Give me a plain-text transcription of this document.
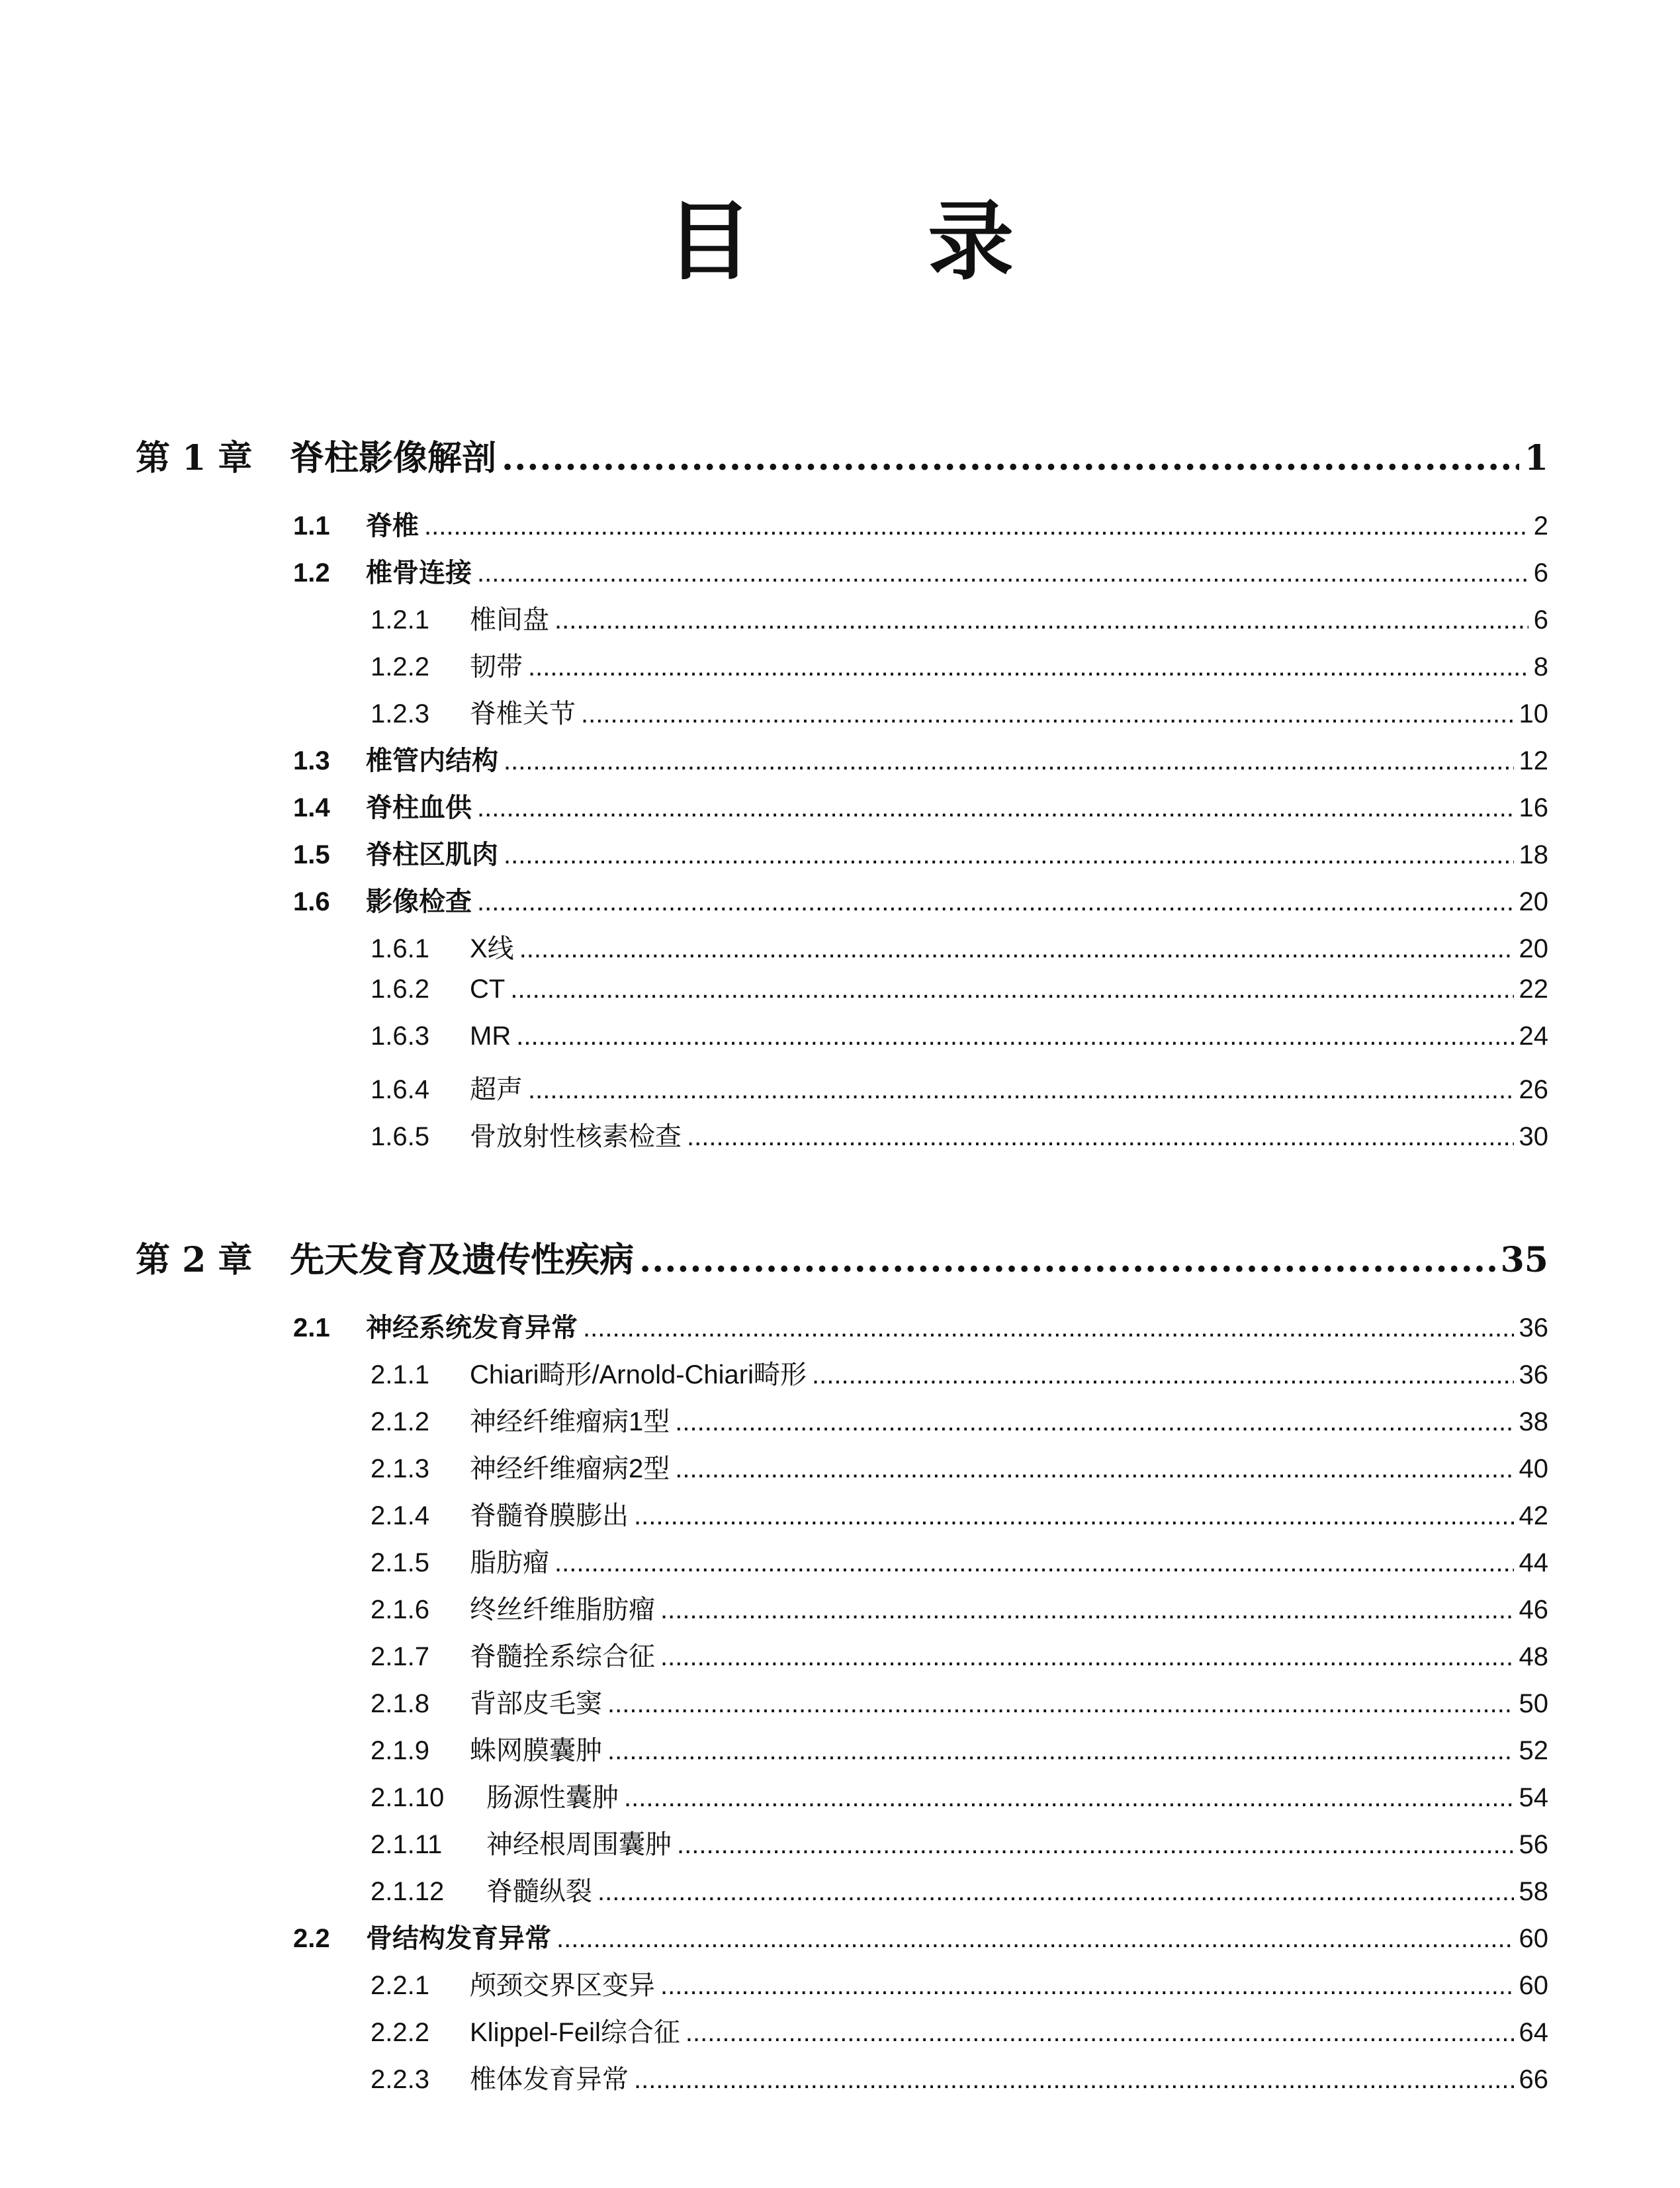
目 录
第 1 章	脊柱影像解剖 .....	1
1.1	脊椎 .....	2
1.2	椎骨连接 .....	6
1.2.1	椎间盘 .....	6
1.2.2	韧带 .....	8
1.2.3	脊椎关节 .....	10
1.3	椎管内结构 .....	12
1.4	脊柱血供 .....	16
1.5	脊柱区肌肉 .....	18
1.6	影像检查 .....	20
1.6.1	X线 .....	20
1.6.2	CT .....	22
1.6.3	MR .....	24
1.6.4	超声 .....	26
1.6.5	骨放射性核素检查 .....	30
第 2 章	先天发育及遗传性疾病 .....	35
2.1	神经系统发育异常 .....	36
2.1.1	Chiari畸形/Arnold-Chiari畸形 .....	36
2.1.2	神经纤维瘤病1型 .....	38
2.1.3	神经纤维瘤病2型 .....	40
2.1.4	脊髓脊膜膨出 .....	42
2.1.5	脂肪瘤 .....	44
2.1.6	终丝纤维脂肪瘤 .....	46
2.1.7	脊髓拴系综合征 .....	48
2.1.8	背部皮毛窦 .....	50
2.1.9	蛛网膜囊肿 .....	52
2.1.10	肠源性囊肿 .....	54
2.1.11	神经根周围囊肿 .....	56
2.1.12	脊髓纵裂 .....	58
2.2	骨结构发育异常 .....	60
2.2.1	颅颈交界区变异 .....	60
2.2.2	Klippel-Feil综合征 .....	64
2.2.3	椎体发育异常 .....	66
